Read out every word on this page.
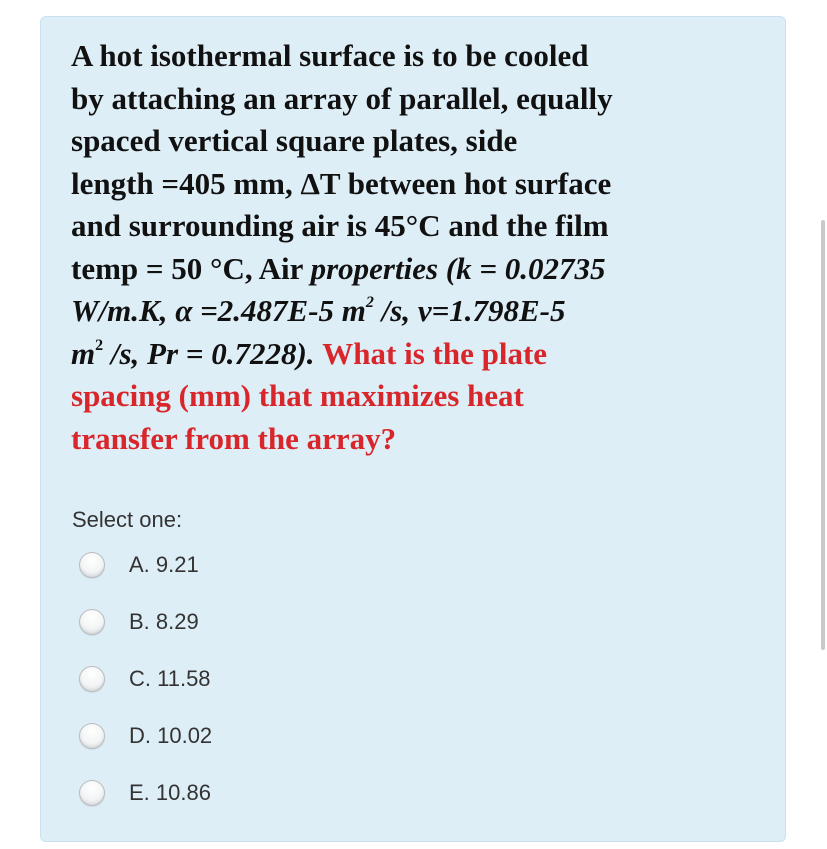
A hot isothermal surface is to be cooled
by attaching an array of parallel, equally
spaced vertical square plates, side
length =405 mm, ΔT between hot surface
and surrounding air is 45°C and the film
temp = 50 °C, Air properties (k = 0.02735
W/m.K, α =2.487E-5 $m^2$ /s, ν=1.798E-5
$m^2$ /s, Pr = 0.7228). What is the plate
spacing (mm) that maximizes heat
transfer from the array?
Select one:
A. 9.21
B. 8.29
C. 11.58
D. 10.02
E. 10.86
